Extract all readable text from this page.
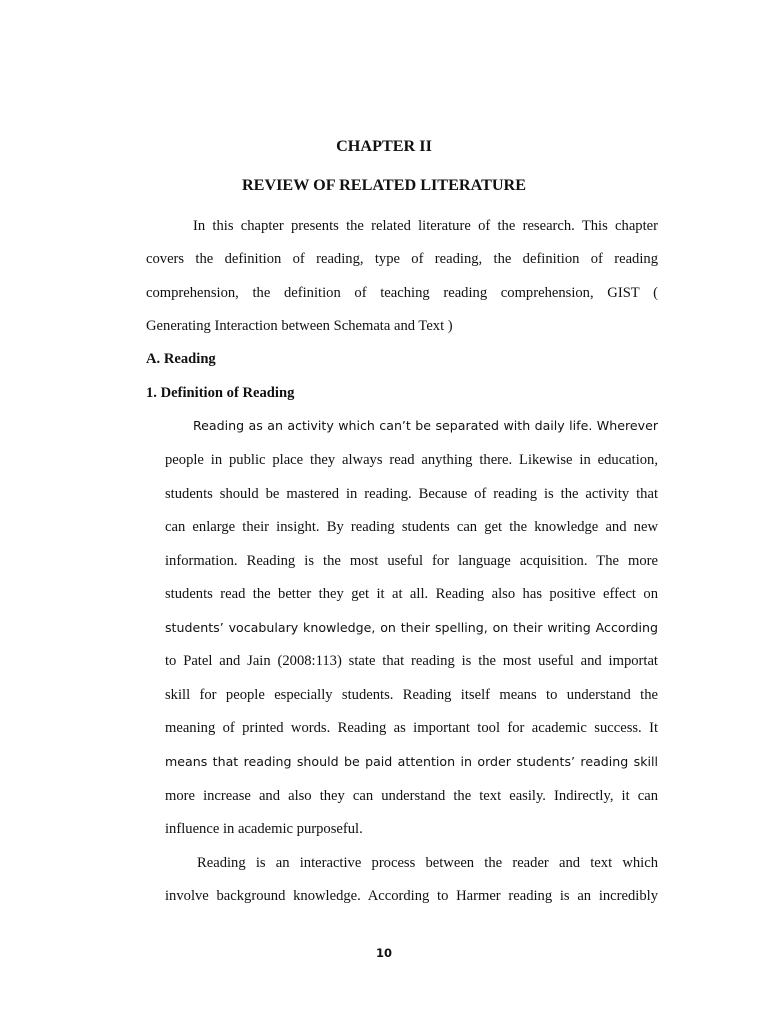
CHAPTER II
REVIEW OF RELATED LITERATURE
In this chapter presents the related literature of the research. This chapter
covers the definition of reading, type of reading, the definition of reading
comprehension, the definition of teaching reading comprehension, GIST (
Generating Interaction between Schemata and Text )
A. Reading
1. Definition of Reading
Reading as an activity which can’t be separated with daily life. Wherever
people in public place they always read anything there. Likewise in education,
students should be mastered in reading. Because of reading is the activity that
can enlarge their insight. By reading students can get the knowledge and new
information. Reading is the most useful for language acquisition. The more
students read the better they get it at all. Reading also has positive effect on
students’ vocabulary knowledge, on their spelling, on their writing According
to Patel and Jain (2008:113) state that reading is the most useful and importat
skill for people especially students. Reading itself means to understand the
meaning of printed words. Reading as important tool for academic success. It
means that reading should be paid attention in order students’ reading skill
more increase and also they can understand the text easily. Indirectly, it can
influence in academic purposeful.
Reading is an interactive process between the reader and text which
involve background knowledge. According to Harmer reading is an incredibly
10
